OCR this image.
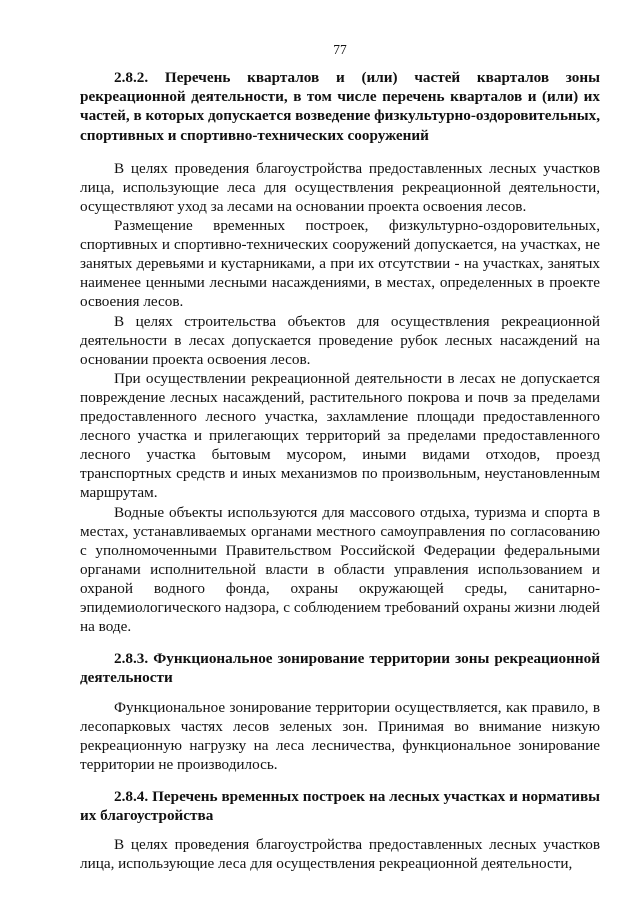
77

2.8.2. Перечень кварталов и (или) частей кварталов зоны рекреационной деятельности, в том числе перечень кварталов и (или) их частей, в которых допускается возведение физкультурно-оздоровительных, спортивных и спортивно-технических сооружений

В целях проведения благоустройства предоставленных лесных участков лица, использующие леса для осуществления рекреационной деятельности, осуществляют уход за лесами на основании проекта освоения лесов.

Размещение временных построек, физкультурно-оздоровительных, спортивных и спортивно-технических сооружений допускается, на участках, не занятых деревьями и кустарниками, а при их отсутствии - на участках, занятых наименее ценными лесными насаждениями, в местах, определенных в проекте освоения лесов.

В целях строительства объектов для осуществления рекреационной деятельности в лесах допускается проведение рубок лесных насаждений на основании проекта освоения лесов.

При осуществлении рекреационной деятельности в лесах не допускается повреждение лесных насаждений, растительного покрова и почв за пределами предоставленного лесного участка, захламление площади предоставленного лесного участка и прилегающих территорий за пределами предоставленного лесного участка бытовым мусором, иными видами отходов, проезд транспортных средств и иных механизмов по произвольным, неустановленным маршрутам.

Водные объекты используются для массового отдыха, туризма и спорта в местах, устанавливаемых органами местного самоуправления по согласованию с уполномоченными Правительством Российской Федерации федеральными органами исполнительной власти в области управления использованием и охраной водного фонда, охраны окружающей среды, санитарно-эпидемиологического надзора, с соблюдением требований охраны жизни людей на воде.

2.8.3. Функциональное зонирование территории зоны рекреационной деятельности

Функциональное зонирование территории осуществляется, как правило, в лесопарковых частях лесов зеленых зон. Принимая во внимание низкую рекреационную нагрузку на леса лесничества, функциональное зонирование территории не производилось.

2.8.4. Перечень временных построек на лесных участках и нормативы их благоустройства

В целях проведения благоустройства предоставленных лесных участков лица, использующие леса для осуществления рекреационной деятельности,
